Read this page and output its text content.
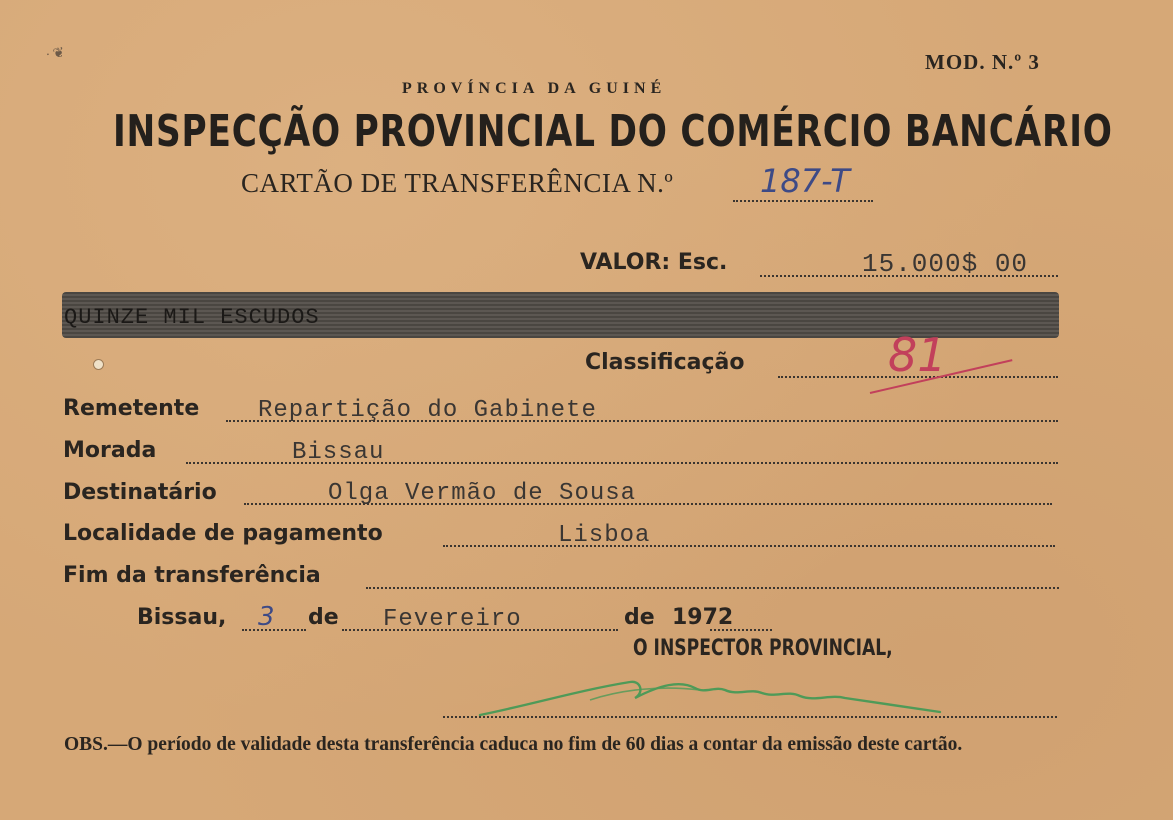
ᐧ ❦	MOD. N.º 3
PROVÍNCIA DA GUINÉ
INSPECÇÃO PROVINCIAL DO COMÉRCIO BANCÁRIO
CARTÃO DE TRANSFERÊNCIA N.º	187-T
VALOR: Esc.	15.000$ 00
QUINZE MIL ESCUDOS
Classificação	81
Remetente Repartição do Gabinete
Morada	Bissau
Destinatário	Olga Vermão de Sousa
Localidade de pagamento	Lisboa
Fim da transferência
Bissau, 3 de Fevereiro	de 1972
O INSPECTOR PROVINCIAL,
OBS.—O período de validade desta transferência caduca no fim de 60 dias a contar da emissão deste cartão.
